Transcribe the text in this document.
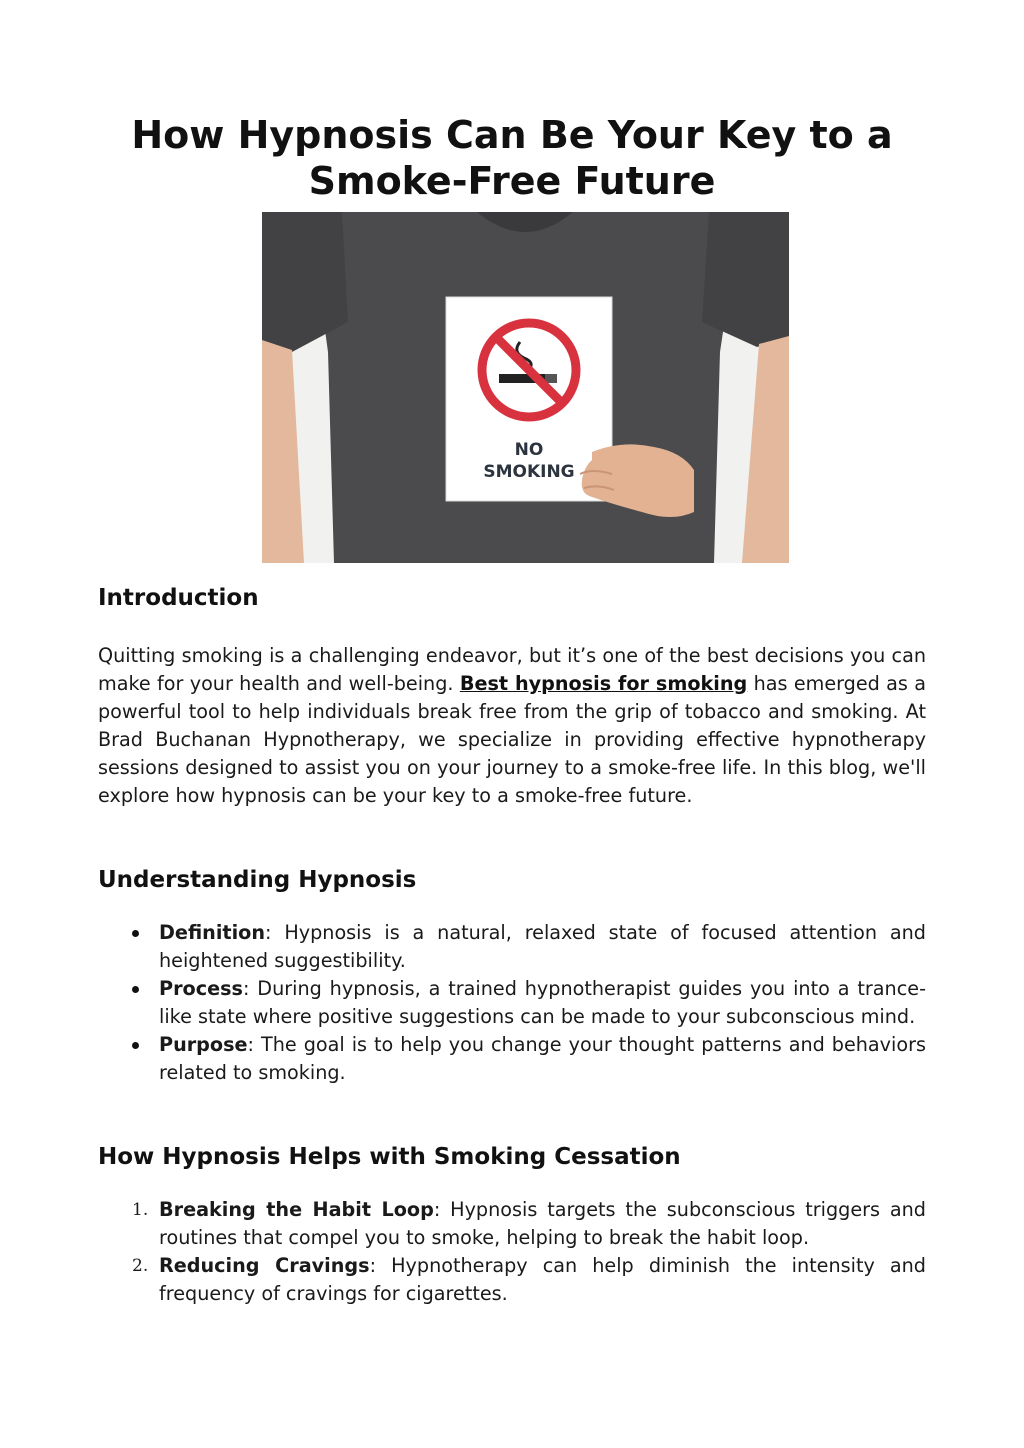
How Hypnosis Can Be Your Key to a Smoke-Free Future
NO
SMOKING
Introduction

Quitting smoking is a challenging endeavor, but it’s one of the best decisions you can make for your health and well-being. Best hypnosis for smoking has emerged as a powerful tool to help individuals break free from the grip of tobacco and smoking. At Brad Buchanan Hypnotherapy, we specialize in providing effective hypnotherapy sessions designed to assist you on your journey to a smoke-free life. In this blog, we'll explore how hypnosis can be your key to a smoke-free future.

Understanding Hypnosis
Definition: Hypnosis is a natural, relaxed state of focused attention and heightened suggestibility.
Process: During hypnosis, a trained hypnotherapist guides you into a trance-like state where positive suggestions can be made to your subconscious mind.
Purpose: The goal is to help you change your thought patterns and behaviors related to smoking.
How Hypnosis Helps with Smoking Cessation
1. Breaking the Habit Loop: Hypnosis targets the subconscious triggers and routines that compel you to smoke, helping to break the habit loop.
2. Reducing Cravings: Hypnotherapy can help diminish the intensity and frequency of cravings for cigarettes.
